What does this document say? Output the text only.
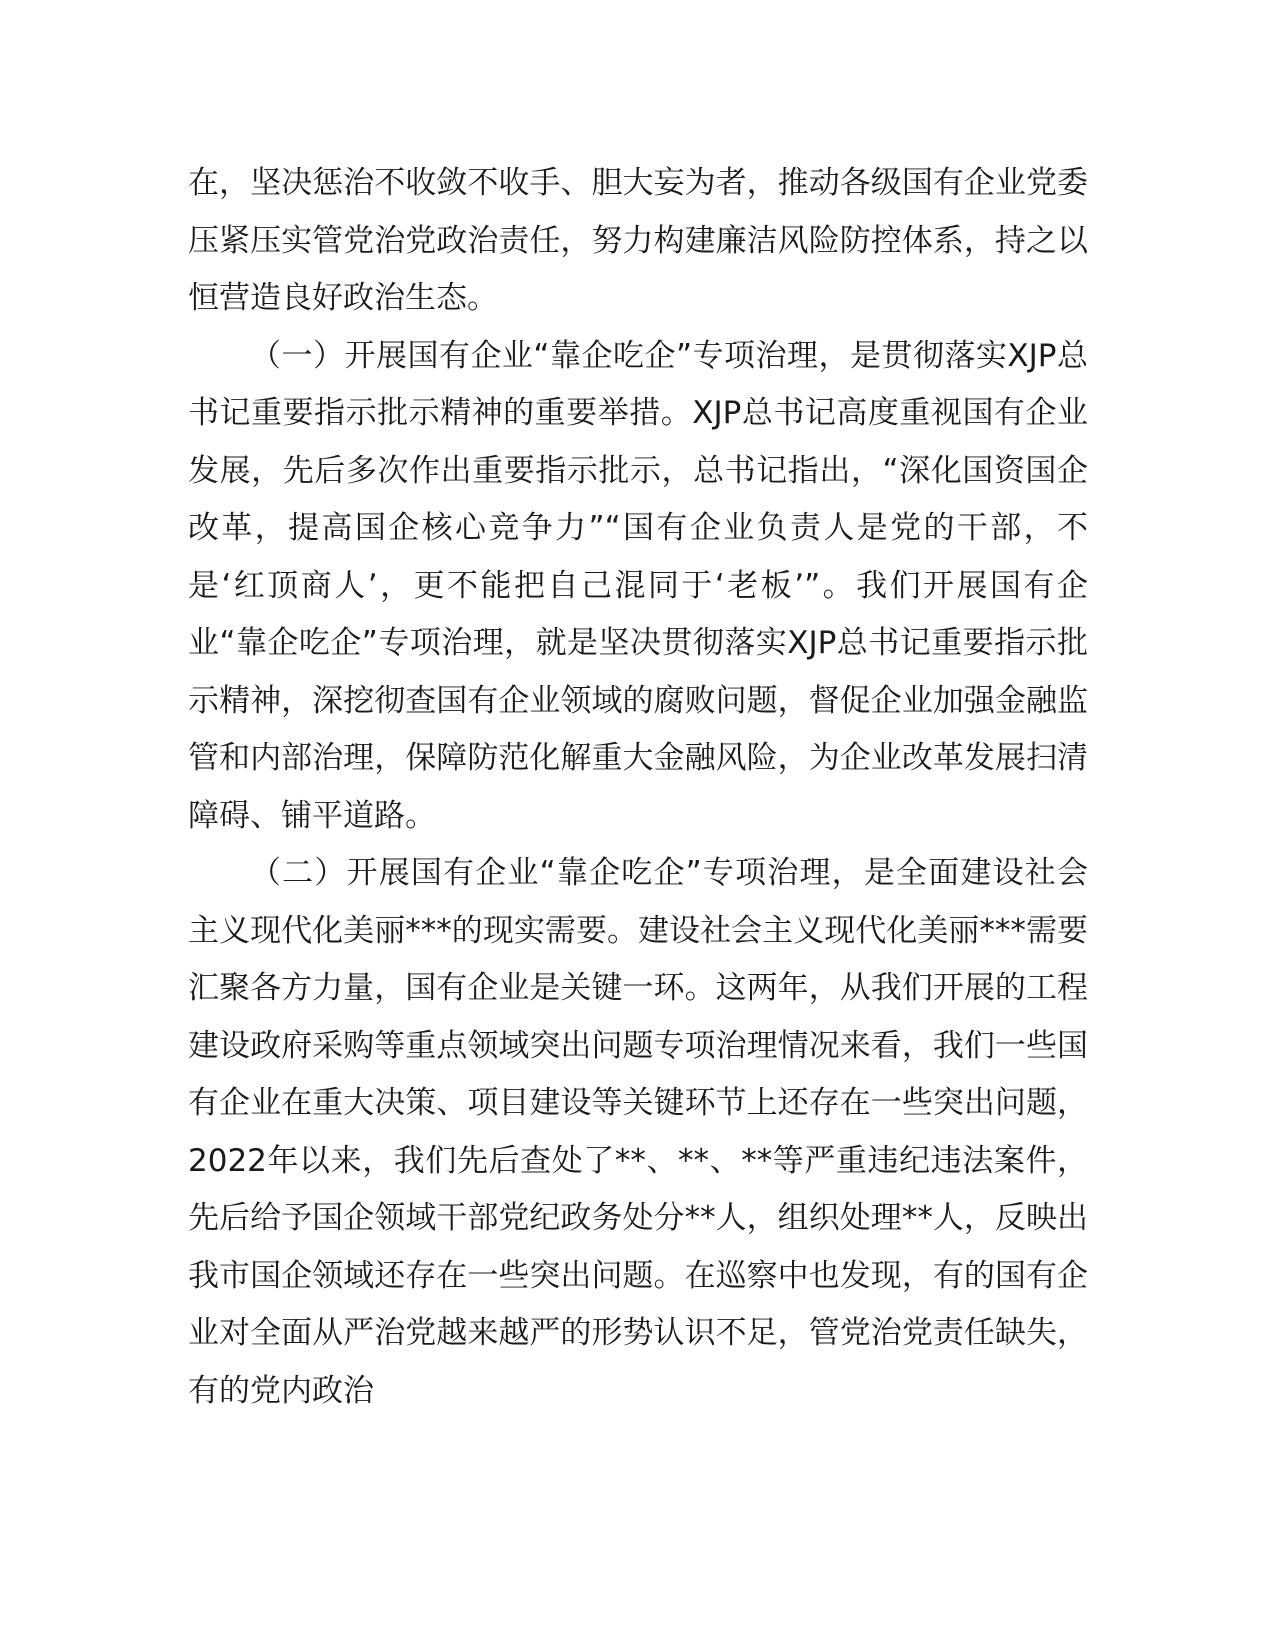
在，坚决惩治不收敛不收手、胆大妄为者，推动各级国有企业党委压紧压实管党治党政治责任，努力构建廉洁风险防控体系，持之以恒营造良好政治生态。

（一）开展国有企业“靠企吃企”专项治理，是贯彻落实XJP总书记重要指示批示精神的重要举措。XJP总书记高度重视国有企业发展，先后多次作出重要指示批示，总书记指出，“深化国资国企改革，提高国企核心竞争力”“国有企业负责人是党的干部，不是‘红顶商人’，更不能把自己混同于‘老板’”。我们开展国有企业“靠企吃企”专项治理，就是坚决贯彻落实XJP总书记重要指示批示精神，深挖彻查国有企业领域的腐败问题，督促企业加强金融监管和内部治理，保障防范化解重大金融风险，为企业改革发展扫清障碍、铺平道路。

（二）开展国有企业“靠企吃企”专项治理，是全面建设社会主义现代化美丽***的现实需要。建设社会主义现代化美丽***需要汇聚各方力量，国有企业是关键一环。这两年，从我们开展的工程建设政府采购等重点领域突出问题专项治理情况来看，我们一些国有企业在重大决策、项目建设等关键环节上还存在一些突出问题，2022年以来，我们先后查处了**、**、**等严重违纪违法案件，先后给予国企领域干部党纪政务处分**人，组织处理**人，反映出我市国企领域还存在一些突出问题。在巡察中也发现，有的国有企业对全面从严治党越来越严的形势认识不足，管党治党责任缺失，有的党内政治
